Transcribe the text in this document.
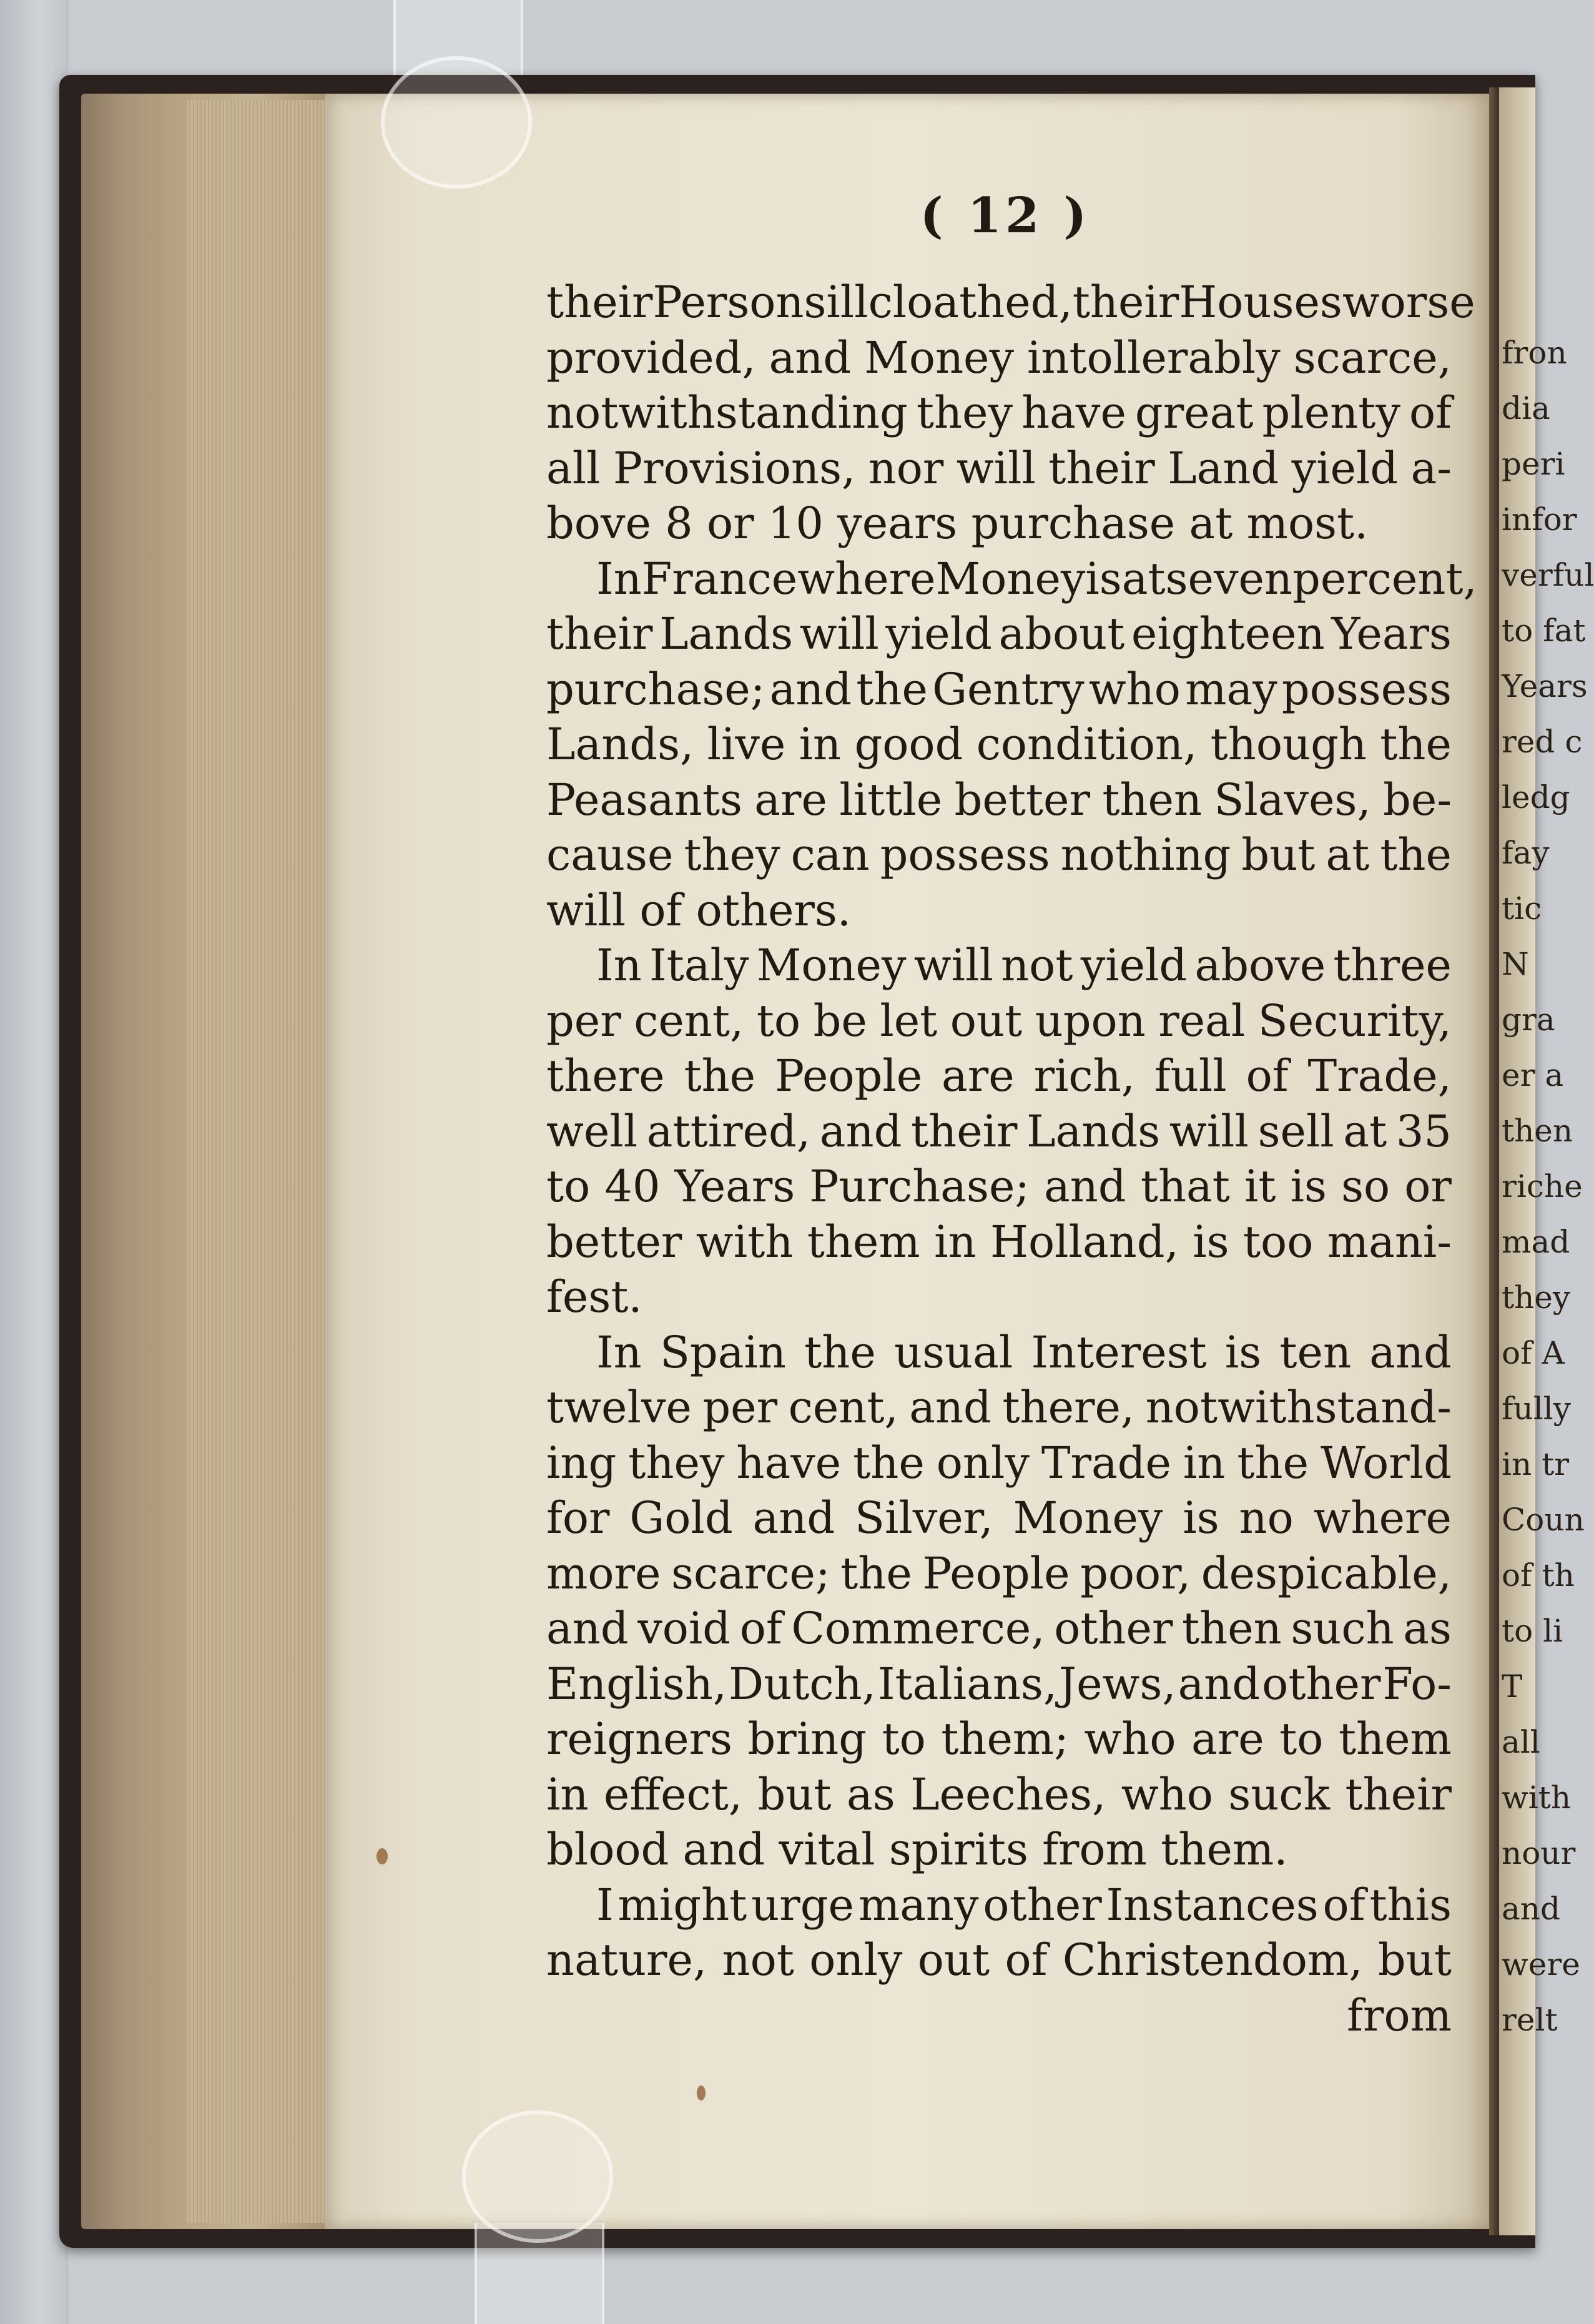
fron
dia
peri
infor
verful
to fat
Years
red c
ledg
fay
tic
N
gra
er a
then
riche
mad
they
of A
fully
in tr
Coun
of th
to li
T
all
with
nour
and
were
relt
( 12 )
their Persons ill cloathed, their Houses worse
provided, and Money intollerably scarce,
notwithstanding they have great plenty of
all Provisions, nor will their Land yield a-
bove 8 or 10 years purchase at most.
In France where Money is at seven per cent,
their Lands will yield about eighteen Years
purchase; and the Gentry who may possess
Lands, live in good condition, though the
Peasants are little better then Slaves, be-
cause they can possess nothing but at the
will of others.
In Italy Money will not yield above three
per cent, to be let out upon real Security,
there the People are rich, full of Trade,
well attired, and their Lands will sell at 35
to 40 Years Purchase; and that it is so or
better with them in Holland, is too mani-
fest.
In Spain the usual Interest is ten and
twelve per cent, and there, notwithstand-
ing they have the only Trade in the World
for Gold and Silver, Money is no where
more scarce; the People poor, despicable,
and void of Commerce, other then such as
English, Dutch, Italians, Jews, and other Fo-
reigners bring to them; who are to them
in effect, but as Leeches, who suck their
blood and vital spirits from them.
I might urge many other Instances of this
nature, not only out of Christendom, but
from
